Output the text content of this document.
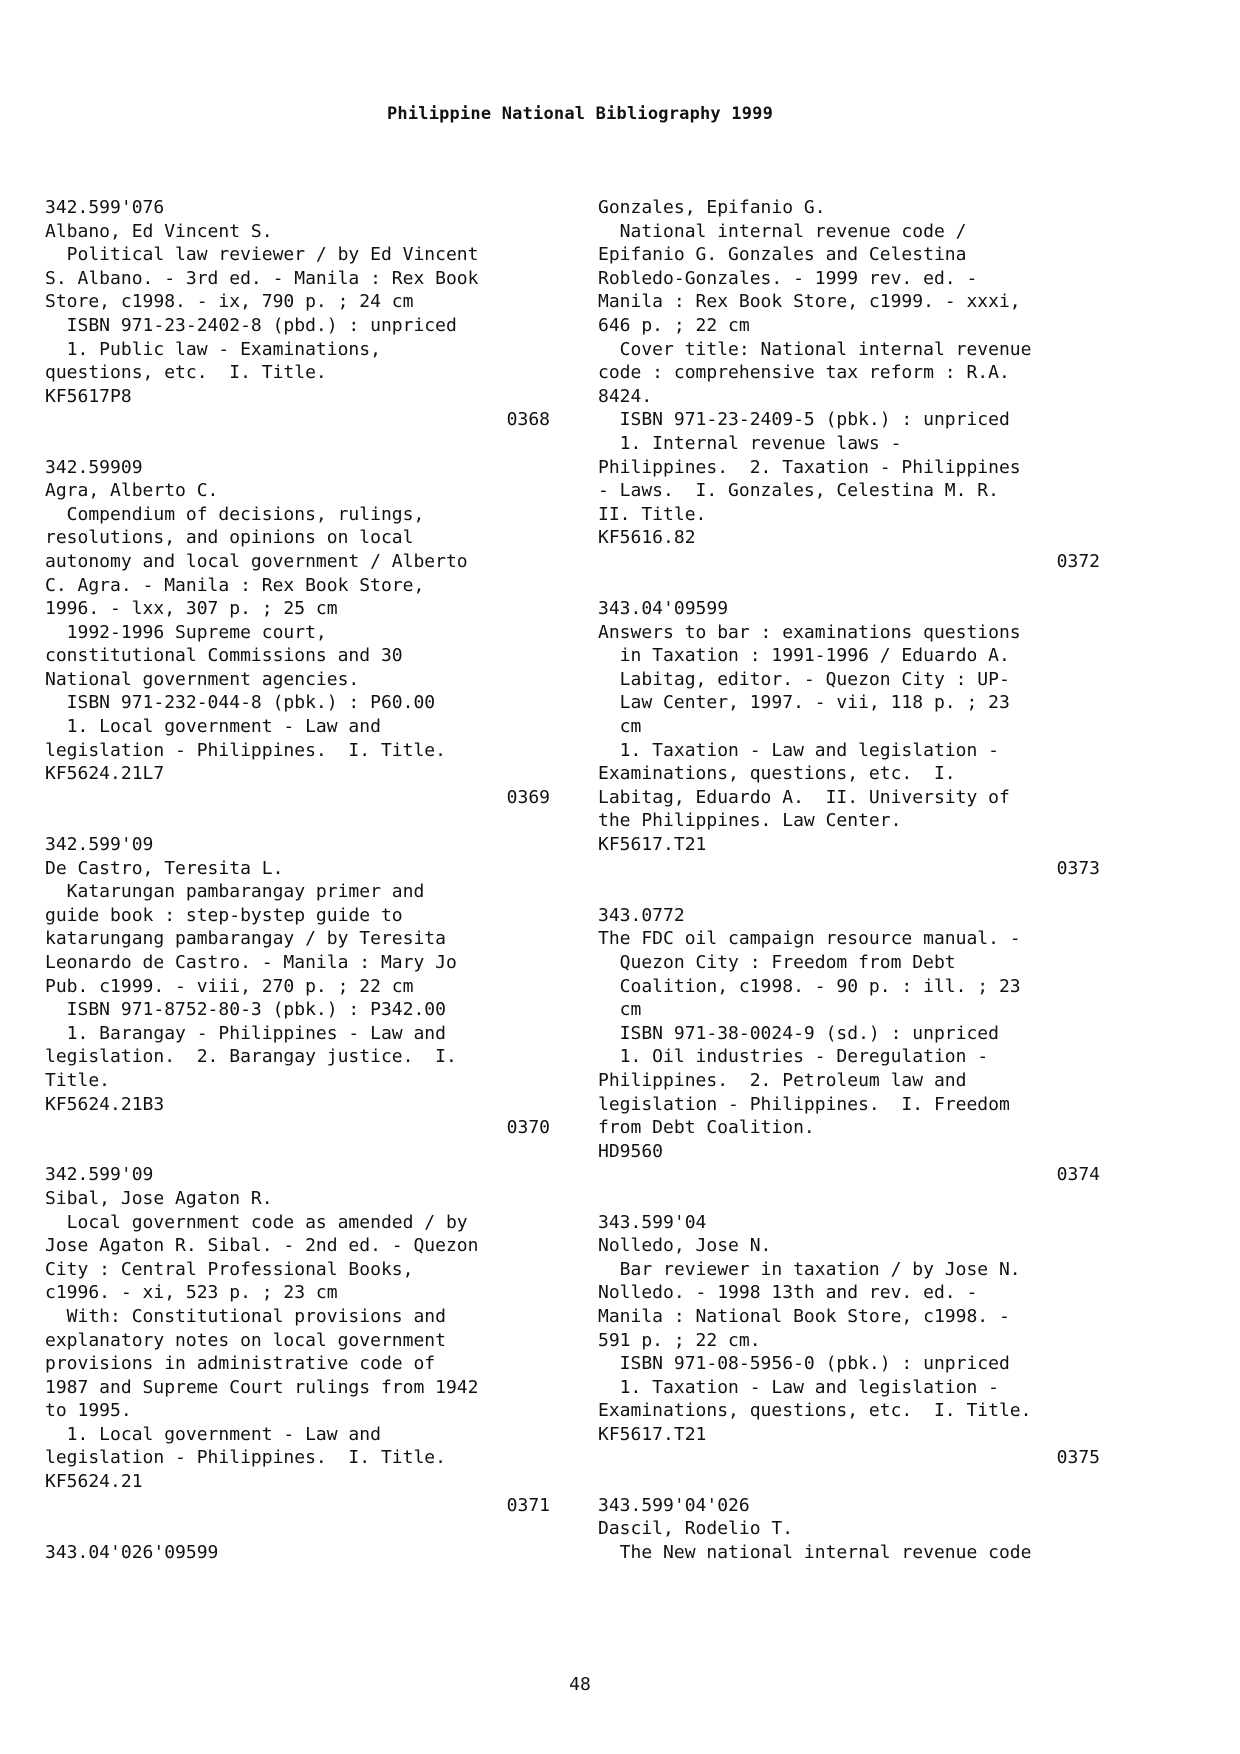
Philippine National Bibliography 1999
342.599'076
Albano, Ed Vincent S.
Political law reviewer / by Ed Vincent
S. Albano. - 3rd ed. - Manila : Rex Book
Store, c1998. - ix, 790 p. ; 24 cm
ISBN 971-23-2402-8 (pbd.) : unpriced
1. Public law - Examinations,
questions, etc.  I. Title.
KF5617P8
0368
342.59909
Agra, Alberto C.
Compendium of decisions, rulings,
resolutions, and opinions on local
autonomy and local government / Alberto
C. Agra. - Manila : Rex Book Store,
1996. - lxx, 307 p. ; 25 cm
1992-1996 Supreme court,
constitutional Commissions and 30
National government agencies.
ISBN 971-232-044-8 (pbk.) : P60.00
1. Local government - Law and
legislation - Philippines.  I. Title.
KF5624.21L7
0369
342.599'09
De Castro, Teresita L.
Katarungan pambarangay primer and
guide book : step-bystep guide to
katarungang pambarangay / by Teresita
Leonardo de Castro. - Manila : Mary Jo
Pub. c1999. - viii, 270 p. ; 22 cm
ISBN 971-8752-80-3 (pbk.) : P342.00
1. Barangay - Philippines - Law and
legislation.  2. Barangay justice.  I.
Title.
KF5624.21B3
0370
342.599'09
Sibal, Jose Agaton R.
Local government code as amended / by
Jose Agaton R. Sibal. - 2nd ed. - Quezon
City : Central Professional Books,
c1996. - xi, 523 p. ; 23 cm
With: Constitutional provisions and
explanatory notes on local government
provisions in administrative code of
1987 and Supreme Court rulings from 1942
to 1995.
1. Local government - Law and
legislation - Philippines.  I. Title.
KF5624.21
0371
343.04'026'09599
Gonzales, Epifanio G.
National internal revenue code /
Epifanio G. Gonzales and Celestina
Robledo-Gonzales. - 1999 rev. ed. -
Manila : Rex Book Store, c1999. - xxxi,
646 p. ; 22 cm
Cover title: National internal revenue
code : comprehensive tax reform : R.A.
8424.
ISBN 971-23-2409-5 (pbk.) : unpriced
1. Internal revenue laws -
Philippines.  2. Taxation - Philippines
- Laws.  I. Gonzales, Celestina M. R.
II. Title.
KF5616.82
0372
343.04'09599
Answers to bar : examinations questions
in Taxation : 1991-1996 / Eduardo A.
Labitag, editor. - Quezon City : UP-
Law Center, 1997. - vii, 118 p. ; 23
cm
1. Taxation - Law and legislation -
Examinations, questions, etc.  I.
Labitag, Eduardo A.  II. University of
the Philippines. Law Center.
KF5617.T21
0373
343.0772
The FDC oil campaign resource manual. -
Quezon City : Freedom from Debt
Coalition, c1998. - 90 p. : ill. ; 23
cm
ISBN 971-38-0024-9 (sd.) : unpriced
1. Oil industries - Deregulation -
Philippines.  2. Petroleum law and
legislation - Philippines.  I. Freedom
from Debt Coalition.
HD9560
0374
343.599'04
Nolledo, Jose N.
Bar reviewer in taxation / by Jose N.
Nolledo. - 1998 13th and rev. ed. -
Manila : National Book Store, c1998. -
591 p. ; 22 cm.
ISBN 971-08-5956-0 (pbk.) : unpriced
1. Taxation - Law and legislation -
Examinations, questions, etc.  I. Title.
KF5617.T21
0375
343.599'04'026
Dascil, Rodelio T.
The New national internal revenue code
48
